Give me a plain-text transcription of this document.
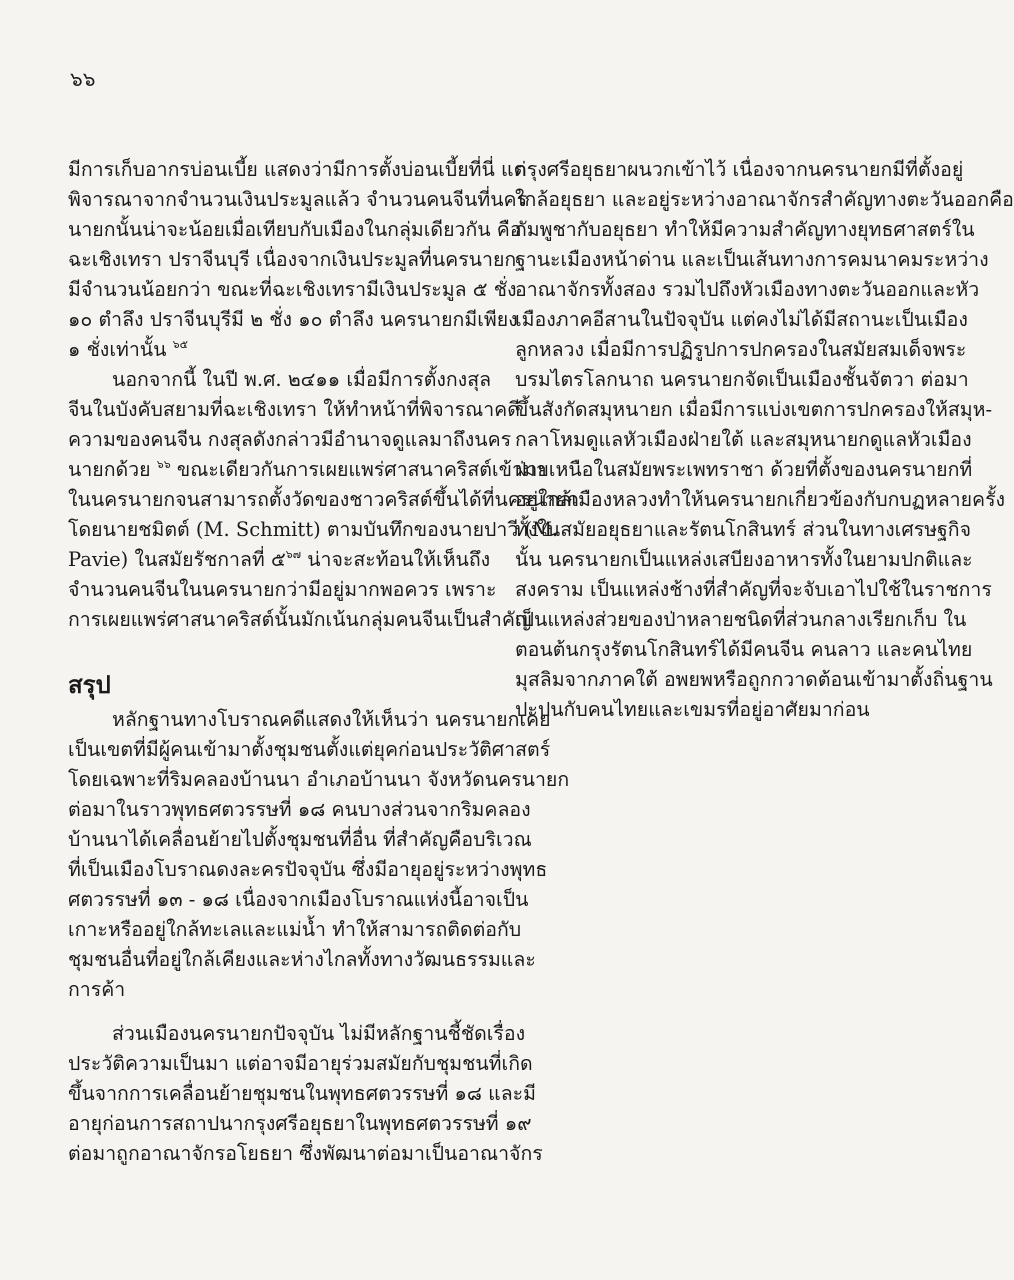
๖๖
มีการเก็บอากรบ่อนเบี้ย แสดงว่ามีการตั้งบ่อนเบี้ยที่นี่ แต่
พิจารณาจากจำนวนเงินประมูลแล้ว จำนวนคนจีนที่นคร
นายกนั้นน่าจะน้อยเมื่อเทียบกับเมืองในกลุ่มเดียวกัน คือ
ฉะเชิงเทรา ปราจีนบุรี เนื่องจากเงินประมูลที่นครนายก
มีจำนวนน้อยกว่า ขณะที่ฉะเชิงเทรามีเงินประมูล ๕ ชั่ง
๑๐ ตำลึง ปราจีนบุรีมี ๒ ชั่ง ๑๐ ตำลึง นครนายกมีเพียง
๑ ชั่งเท่านั้น $^{๖๕}$
นอกจากนี้ ในปี พ.ศ. ๒๔๑๑ เมื่อมีการตั้งกงสุล
จีนในบังคับสยามที่ฉะเชิงเทรา ให้ทำหน้าที่พิจารณาคดี
ความของคนจีน กงสุลดังกล่าวมีอำนาจดูแลมาถึงนคร
นายกด้วย $^{๖๖}$ ขณะเดียวกันการเผยแพร่ศาสนาคริสต์เข้ามา
ในนครนายกจนสามารถตั้งวัดของชาวคริสต์ขึ้นได้ที่นครนายก
โดยนายชมิตต์ (M. Schmitt) ตามบันทึกของนายปาวี (M.
Pavie) ในสมัยรัชกาลที่ ๕$^{๖๗}$ น่าจะสะท้อนให้เห็นถึง
จำนวนคนจีนในนครนายกว่ามีอยู่มากพอควร เพราะ
การเผยแพร่ศาสนาคริสต์นั้นมักเน้นกลุ่มคนจีนเป็นสำคัญ
สรุป
หลักฐานทางโบราณคดีแสดงให้เห็นว่า นครนายกเคย
เป็นเขตที่มีผู้คนเข้ามาตั้งชุมชนตั้งแต่ยุคก่อนประวัติศาสตร์
โดยเฉพาะที่ริมคลองบ้านนา อำเภอบ้านนา จังหวัดนครนายก
ต่อมาในราวพุทธศตวรรษที่ ๑๘ คนบางส่วนจากริมคลอง
บ้านนาได้เคลื่อนย้ายไปตั้งชุมชนที่อื่น ที่สำคัญคือบริเวณ
ที่เป็นเมืองโบราณดงละครปัจจุบัน ซึ่งมีอายุอยู่ระหว่างพุทธ
ศตวรรษที่ ๑๓ - ๑๘ เนื่องจากเมืองโบราณแห่งนี้อาจเป็น
เกาะหรืออยู่ใกล้ทะเลและแม่น้ำ ทำให้สามารถติดต่อกับ
ชุมชนอื่นที่อยู่ใกล้เคียงและห่างไกลทั้งทางวัฒนธรรมและ
การค้า
ส่วนเมืองนครนายกปัจจุบัน ไม่มีหลักฐานชี้ชัดเรื่อง
ประวัติความเป็นมา แต่อาจมีอายุร่วมสมัยกับชุมชนที่เกิด
ขึ้นจากการเคลื่อนย้ายชุมชนในพุทธศตวรรษที่ ๑๘ และมี
อายุก่อนการสถาปนากรุงศรีอยุธยาในพุทธศตวรรษที่ ๑๙
ต่อมาถูกอาณาจักรอโยธยา ซึ่งพัฒนาต่อมาเป็นอาณาจักร
กรุงศรีอยุธยาผนวกเข้าไว้ เนื่องจากนครนายกมีที่ตั้งอยู่
ใกล้อยุธยา และอยู่ระหว่างอาณาจักรสำคัญทางตะวันออกคือ
กัมพูชากับอยุธยา ทำให้มีความสำคัญทางยุทธศาสตร์ใน
ฐานะเมืองหน้าด่าน และเป็นเส้นทางการคมนาคมระหว่าง
อาณาจักรทั้งสอง รวมไปถึงหัวเมืองทางตะวันออกและหัว
เมืองภาคอีสานในปัจจุบัน แต่คงไม่ได้มีสถานะเป็นเมือง
ลูกหลวง เมื่อมีการปฏิรูปการปกครองในสมัยสมเด็จพระ
บรมไตรโลกนาถ นครนายกจัดเป็นเมืองชั้นจัตวา ต่อมา
ขึ้นสังกัดสมุหนายก เมื่อมีการแบ่งเขตการปกครองให้สมุห-
กลาโหมดูแลหัวเมืองฝ่ายใต้ และสมุหนายกดูแลหัวเมือง
ฝ่ายเหนือในสมัยพระเพทราชา ด้วยที่ตั้งของนครนายกที่
อยู่ใกล้เมืองหลวงทำให้นครนายกเกี่ยวข้องกับกบฏหลายครั้ง
ทั้งในสมัยอยุธยาและรัตนโกสินทร์ ส่วนในทางเศรษฐกิจ
นั้น นครนายกเป็นแหล่งเสบียงอาหารทั้งในยามปกติและ
สงคราม เป็นแหล่งช้างที่สำคัญที่จะจับเอาไปใช้ในราชการ
เป็นแหล่งส่วยของป่าหลายชนิดที่ส่วนกลางเรียกเก็บ ใน
ตอนต้นกรุงรัตนโกสินทร์ได้มีคนจีน คนลาว และคนไทย
มุสลิมจากภาคใต้ อพยพหรือถูกกวาดต้อนเข้ามาตั้งถิ่นฐาน
ปะปนกับคนไทยและเขมรที่อยู่อาศัยมาก่อน
